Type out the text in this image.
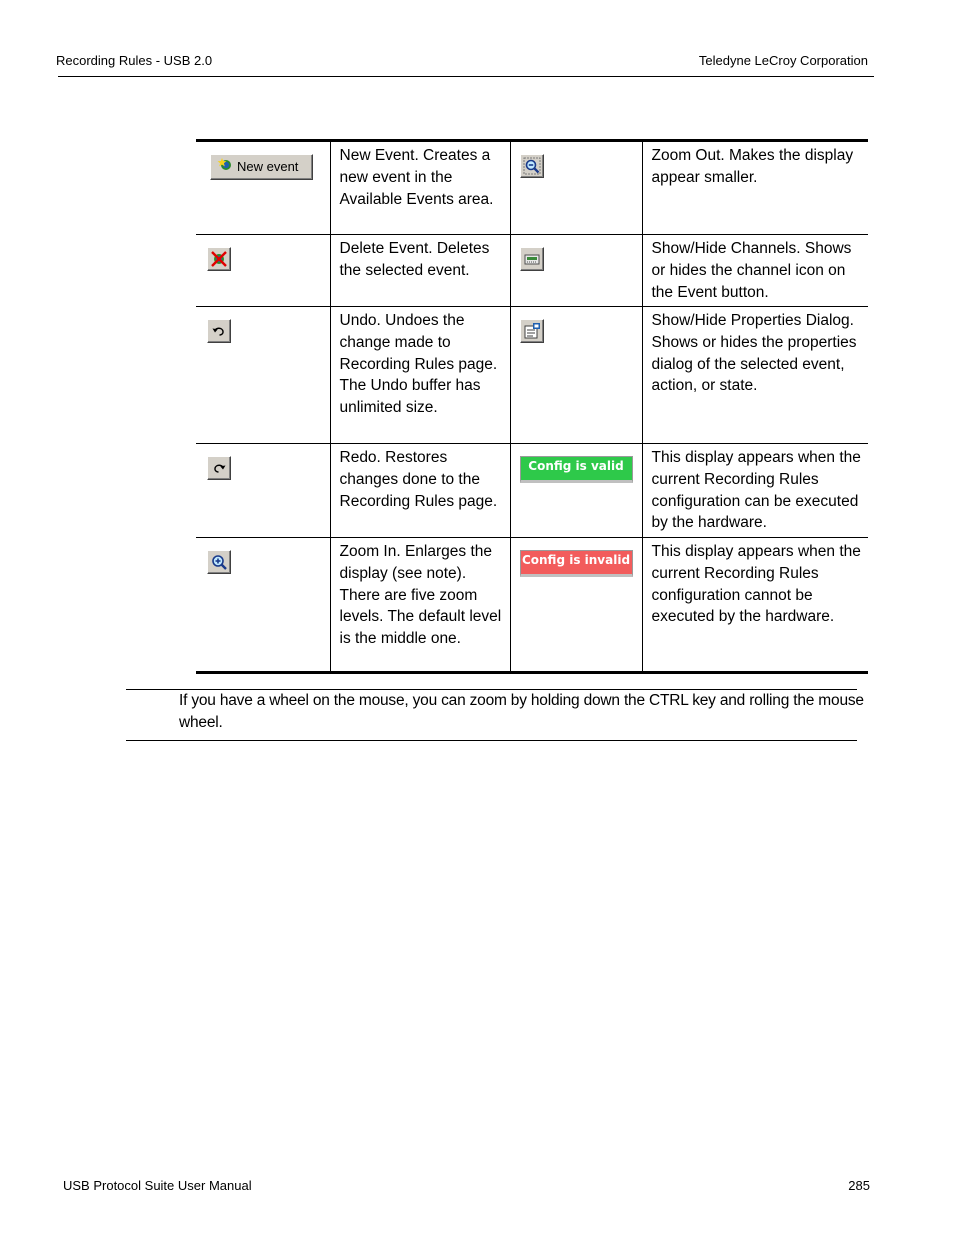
Recording Rules - USB 2.0	Teledyne LeCroy Corporation
New event	New Event. Creates a new event in the Available Events area.		Zoom Out. Makes the display appear smaller.

	Delete Event. Deletes the selected event.		Show/Hide Channels. Shows or hides the channel icon on the Event button.

	Undo. Undoes the change made to Recording Rules page. The Undo buffer has unlimited size.		Show/Hide Properties Dialog. Shows or hides the properties dialog of the selected event, action, or state.

	Redo. Restores changes done to the Recording Rules page.	Config is valid	This display appears when the current Recording Rules configuration can be executed by the hardware.

	Zoom In. Enlarges the display (see note). There are five zoom levels. The default level is the middle one.	Config is invalid	This display appears when the current Recording Rules configuration cannot be executed by the hardware.
If you have a wheel on the mouse, you can zoom by holding down the CTRL key and rolling the mouse wheel.
USB Protocol Suite User Manual	285
